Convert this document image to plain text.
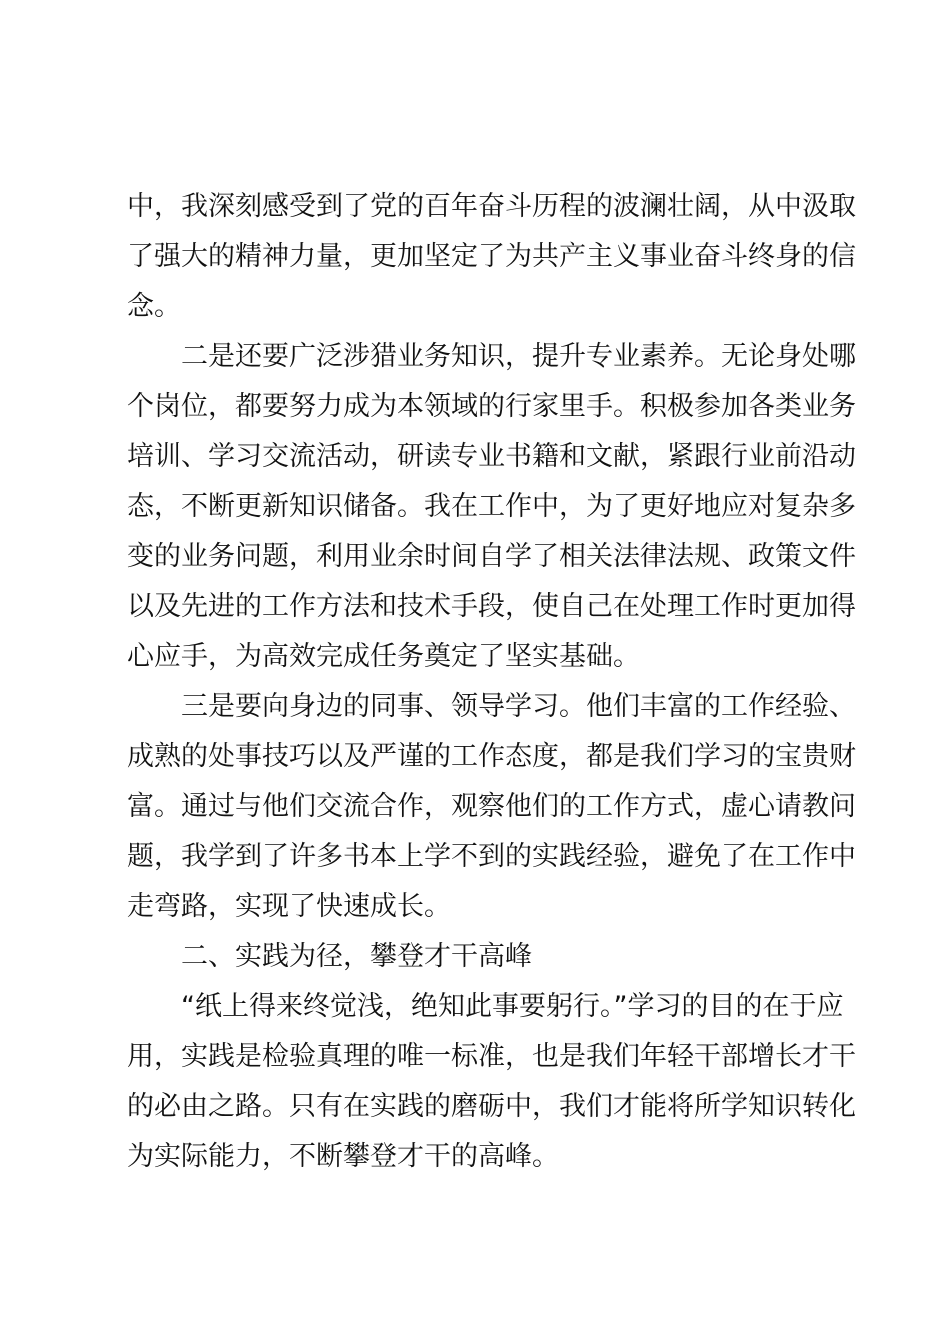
中，我深刻感受到了党的百年奋斗历程的波澜壮阔，从中汲取
了强大的精神力量，更加坚定了为共产主义事业奋斗终身的信
念。
二是还要广泛涉猎业务知识，提升专业素养。无论身处哪
个岗位，都要努力成为本领域的行家里手。积极参加各类业务
培训、学习交流活动，研读专业书籍和文献，紧跟行业前沿动
态，不断更新知识储备。我在工作中，为了更好地应对复杂多
变的业务问题，利用业余时间自学了相关法律法规、政策文件
以及先进的工作方法和技术手段，使自己在处理工作时更加得
心应手，为高效完成任务奠定了坚实基础。
三是要向身边的同事、领导学习。他们丰富的工作经验、
成熟的处事技巧以及严谨的工作态度，都是我们学习的宝贵财
富。通过与他们交流合作，观察他们的工作方式，虚心请教问
题，我学到了许多书本上学不到的实践经验，避免了在工作中
走弯路，实现了快速成长。
二、实践为径，攀登才干高峰
“纸上得来终觉浅，绝知此事要躬行。”学习的目的在于应
用，实践是检验真理的唯一标准，也是我们年轻干部增长才干
的必由之路。只有在实践的磨砺中，我们才能将所学知识转化
为实际能力，不断攀登才干的高峰。
